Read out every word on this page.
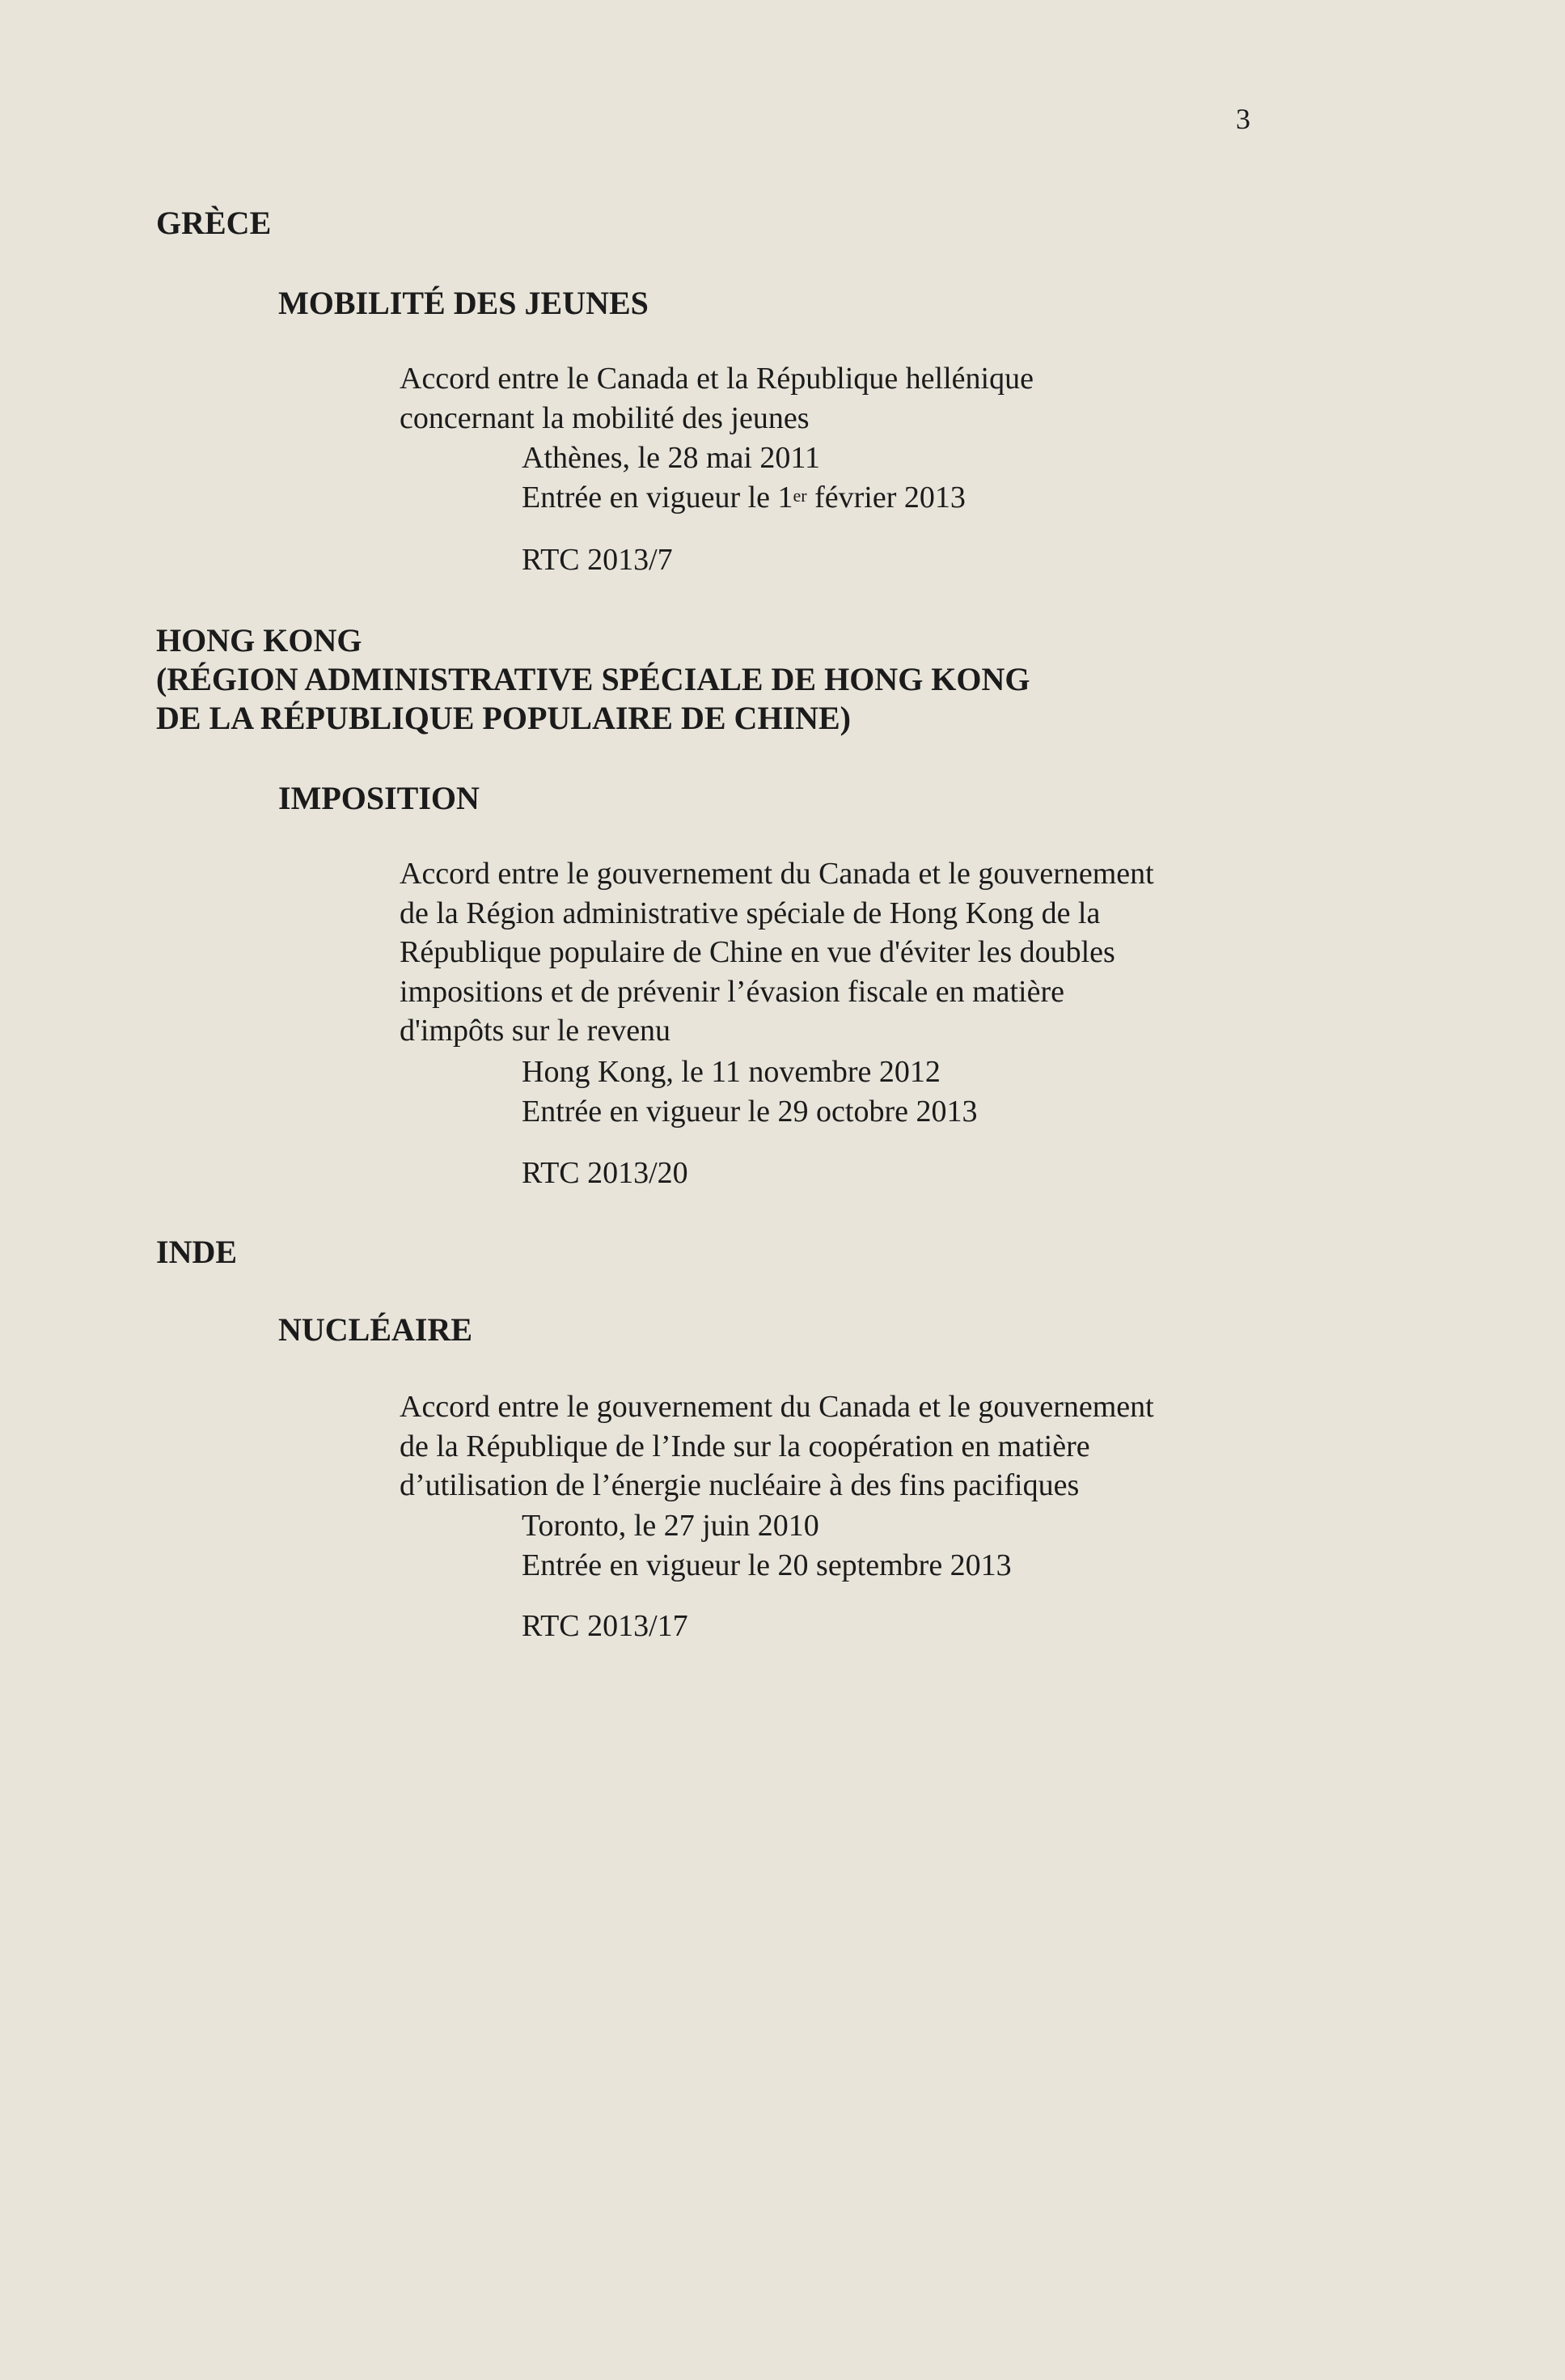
3
GRÈCE
MOBILITÉ DES JEUNES
Accord entre le Canada et la République hellénique
concernant la mobilité des jeunes
Athènes, le 28 mai 2011
Entrée en vigueur le 1er février 2013
RTC 2013/7
HONG KONG
(RÉGION ADMINISTRATIVE SPÉCIALE DE HONG KONG
DE LA RÉPUBLIQUE POPULAIRE DE CHINE)
IMPOSITION
Accord entre le gouvernement du Canada et le gouvernement
de la Région administrative spéciale de Hong Kong de la
République populaire de Chine en vue d'éviter les doubles
impositions et de prévenir l’évasion fiscale en matière
d'impôts sur le revenu
Hong Kong, le 11 novembre 2012
Entrée en vigueur le 29 octobre 2013
RTC 2013/20
INDE
NUCLÉAIRE
Accord entre le gouvernement du Canada et le gouvernement
de la République de l’Inde sur la coopération en matière
d’utilisation de l’énergie nucléaire à des fins pacifiques
Toronto, le 27 juin 2010
Entrée en vigueur le 20 septembre 2013
RTC 2013/17
